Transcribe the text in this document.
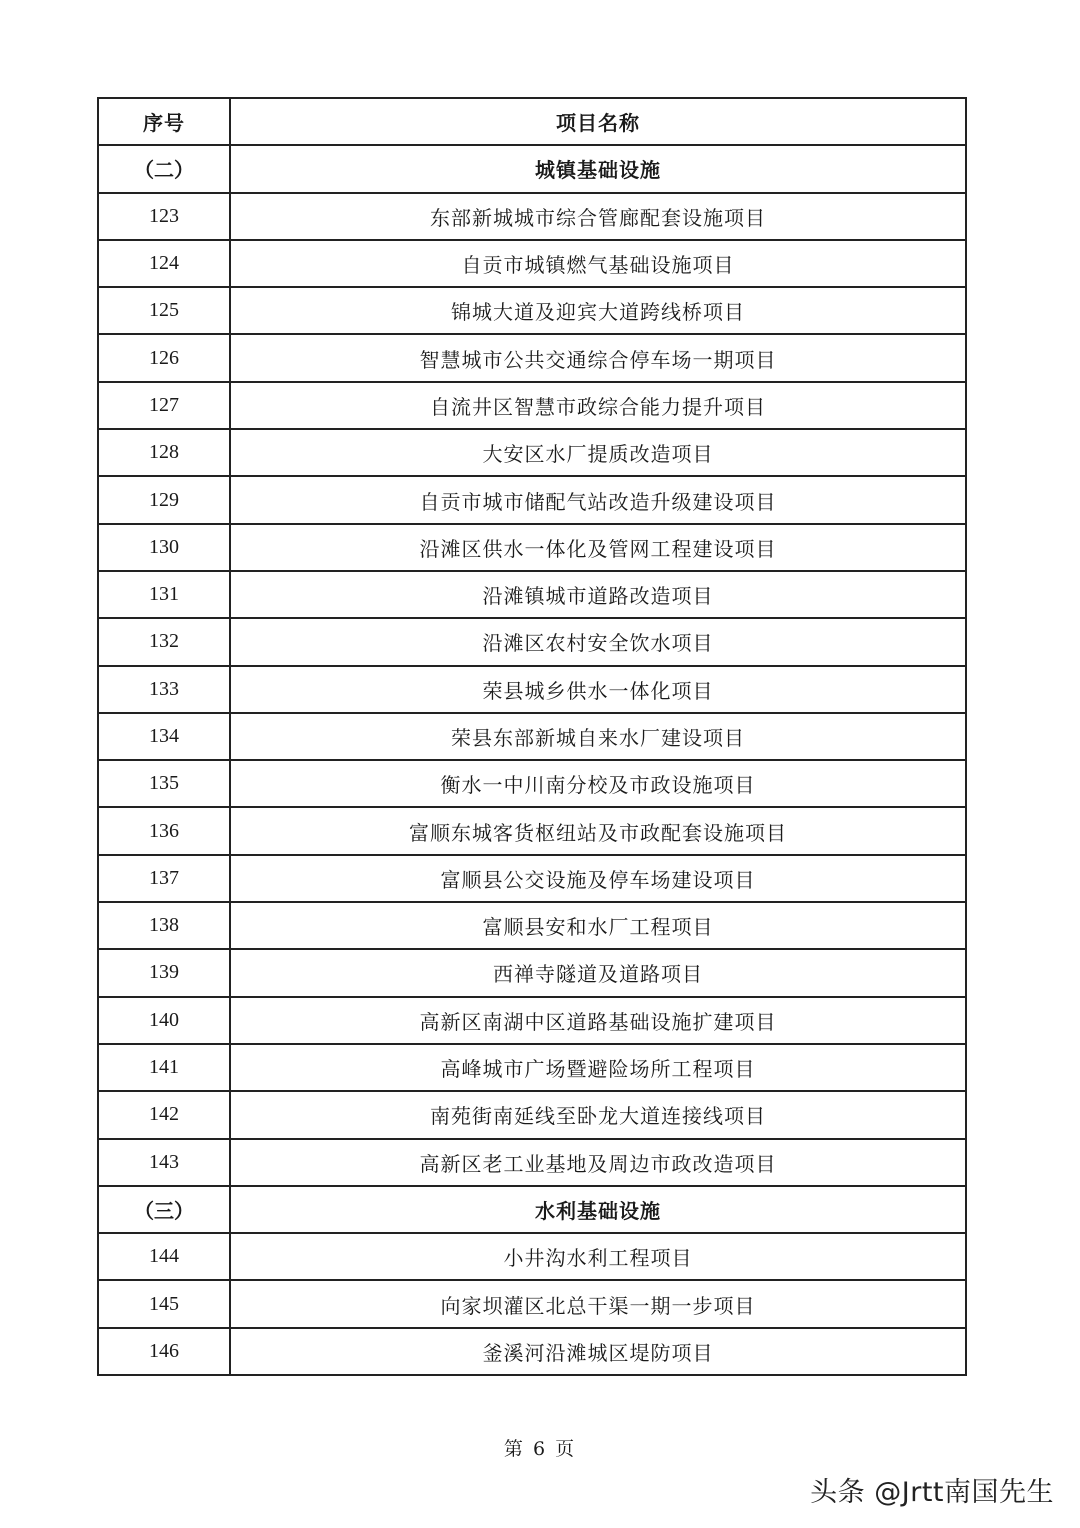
序号	项目名称
（二）	城镇基础设施
123	东部新城城市综合管廊配套设施项目
124	自贡市城镇燃气基础设施项目
125	锦城大道及迎宾大道跨线桥项目
126	智慧城市公共交通综合停车场一期项目
127	自流井区智慧市政综合能力提升项目
128	大安区水厂提质改造项目
129	自贡市城市储配气站改造升级建设项目
130	沿滩区供水一体化及管网工程建设项目
131	沿滩镇城市道路改造项目
132	沿滩区农村安全饮水项目
133	荣县城乡供水一体化项目
134	荣县东部新城自来水厂建设项目
135	衡水一中川南分校及市政设施项目
136	富顺东城客货枢纽站及市政配套设施项目
137	富顺县公交设施及停车场建设项目
138	富顺县安和水厂工程项目
139	西禅寺隧道及道路项目
140	高新区南湖中区道路基础设施扩建项目
141	高峰城市广场暨避险场所工程项目
142	南苑街南延线至卧龙大道连接线项目
143	高新区老工业基地及周边市政改造项目
（三）	水利基础设施
144	小井沟水利工程项目
145	向家坝灌区北总干渠一期一步项目
146	釜溪河沿滩城区堤防项目
第 6 页
头条 @Jrtt南国先生
